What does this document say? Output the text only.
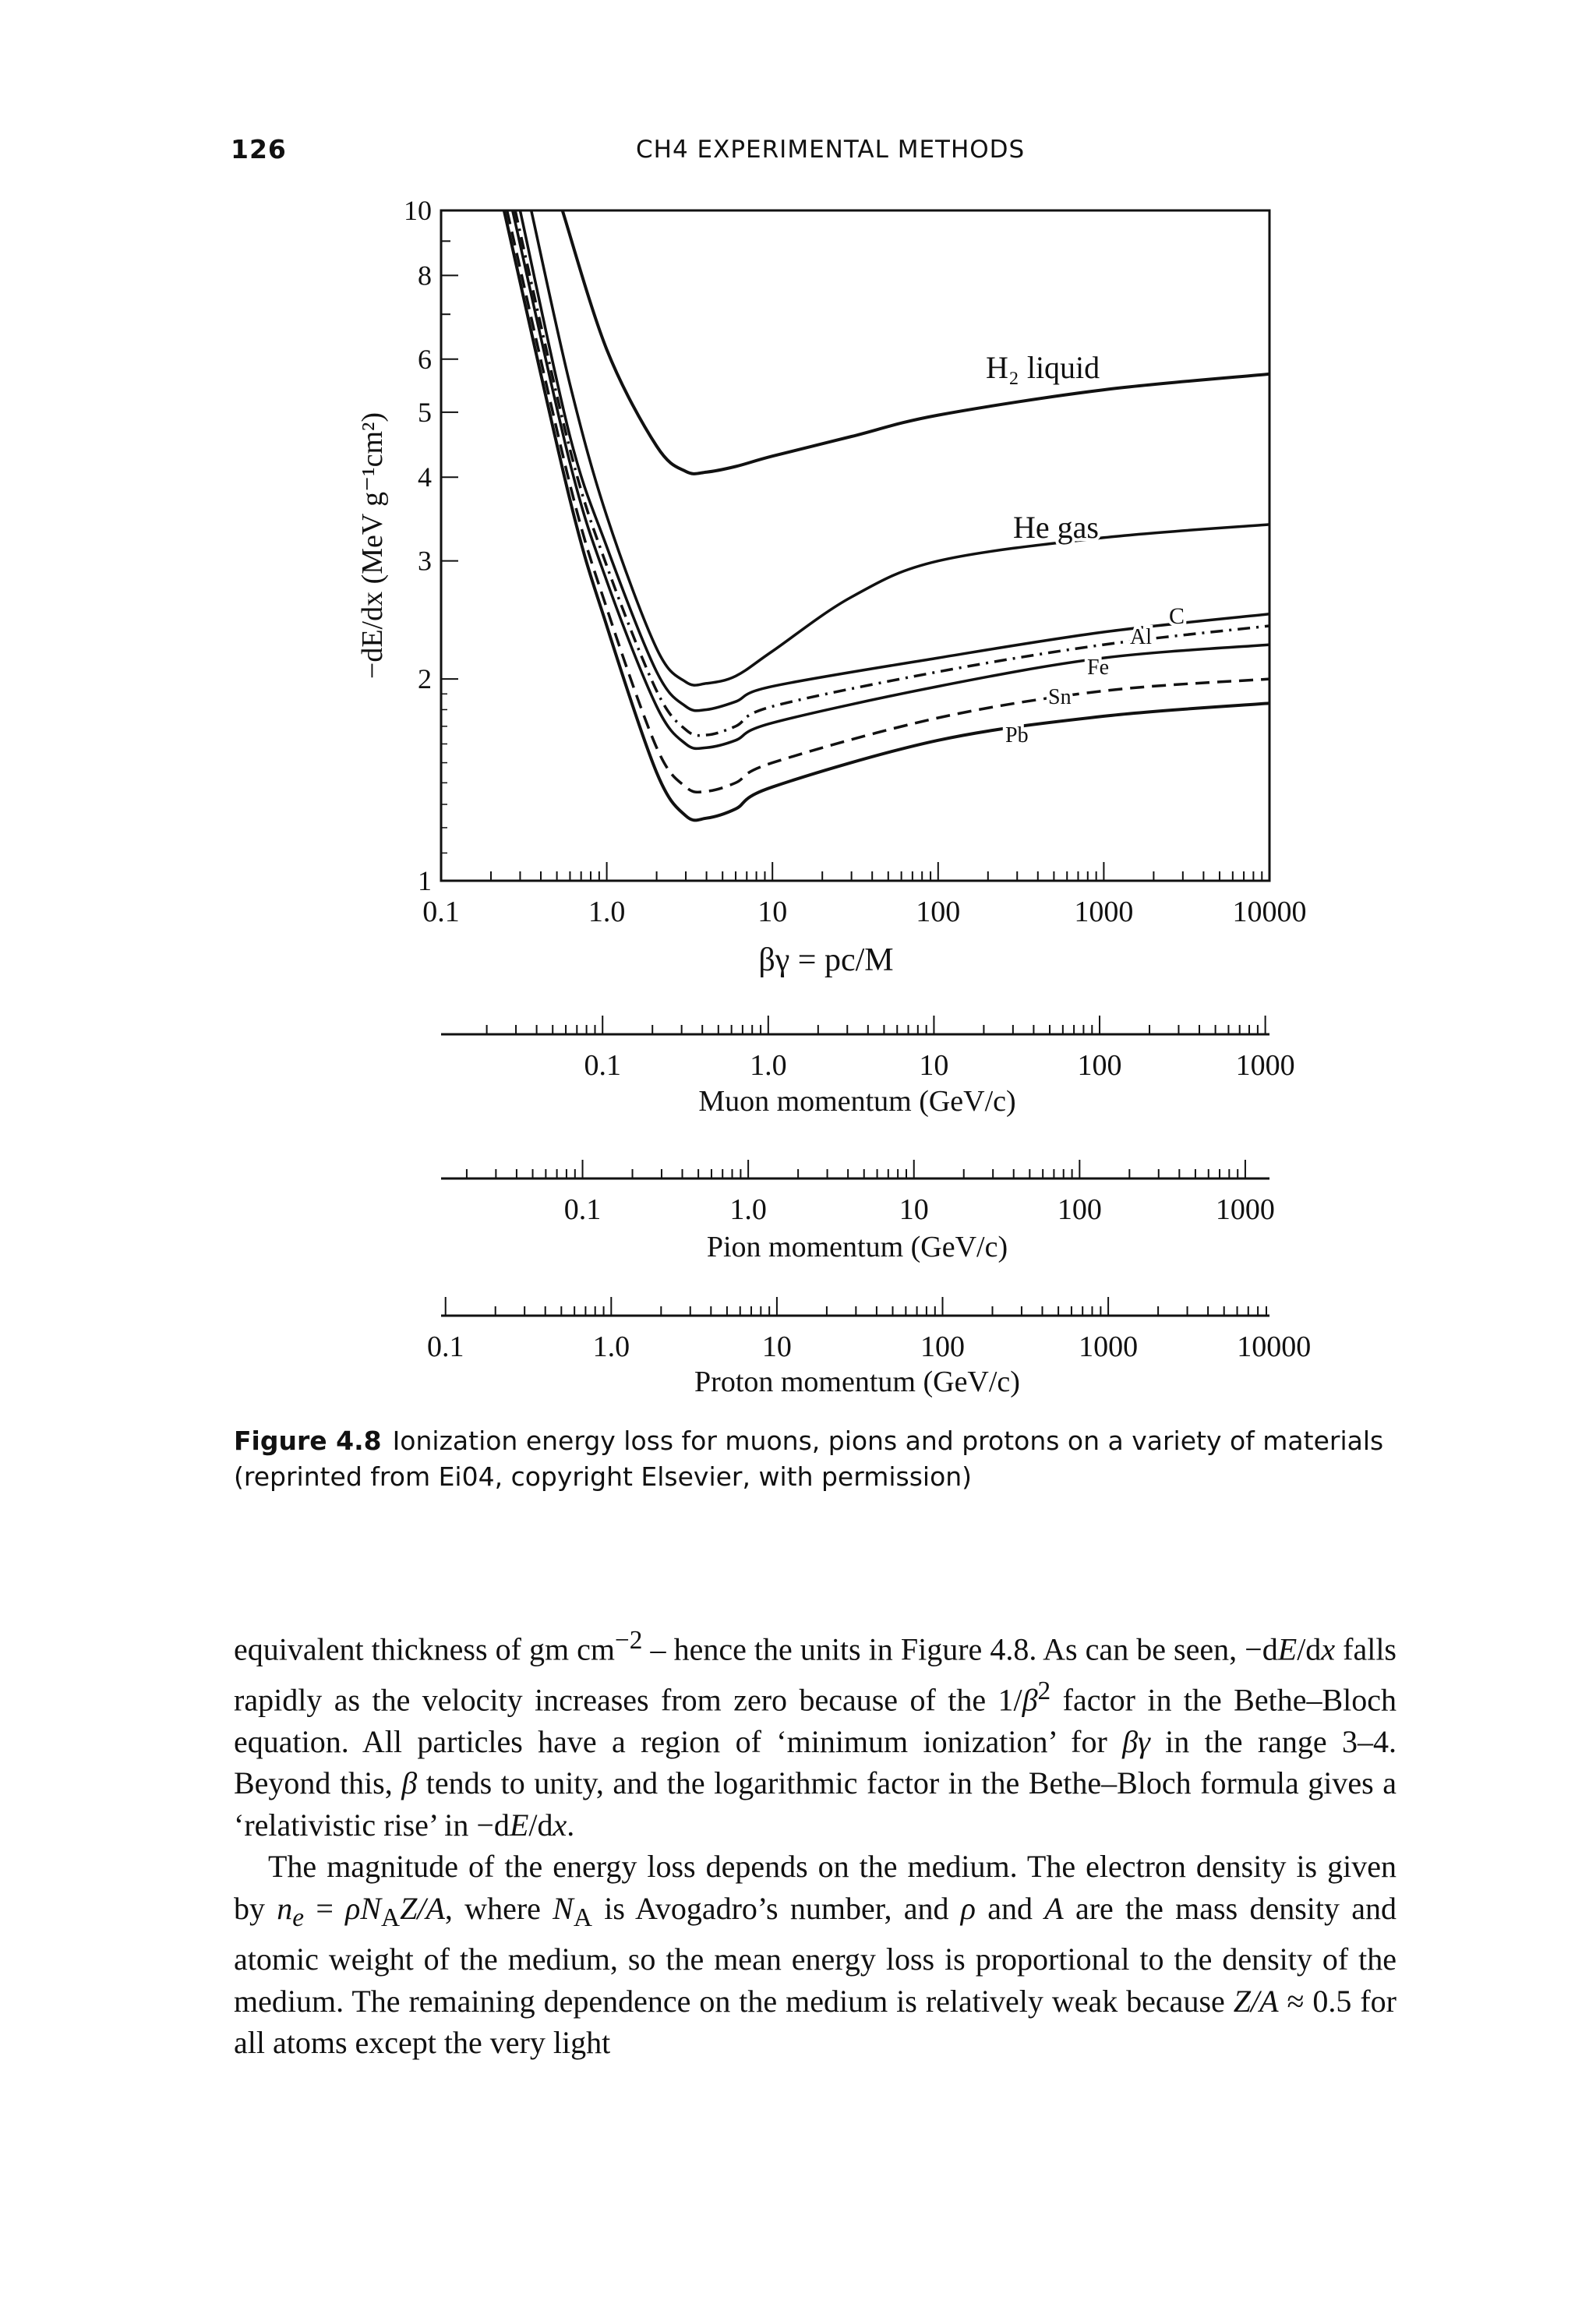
126	CH4 EXPERIMENTAL METHODS
1
2
3
4
5
6
8
10
0.1	1.0	10	100	1000	10000
H₂ liquid
He gas
C
Al
Fe
Sn
Pb
−dE/dx (MeV g⁻¹cm²)
βγ = pc/M
0.1	1.0	10	100	1000
Muon momentum (GeV/c)
0.1	1.0	10	100	1000
Pion momentum (GeV/c)
0.1	1.0	10	100	1000	10000
Proton momentum (GeV/c)
Figure 4.8 Ionization energy loss for muons, pions and protons on a variety of materials (reprinted from Ei04, copyright Elsevier, with permission)

equivalent thickness of gm $cm^{-2}$ – hence the units in Figure 4.8. As can be seen, −dE/dx falls rapidly as the velocity increases from zero because of the $1/\beta^2$ factor in the Bethe–Bloch equation. All particles have a region of ‘minimum ionization’ for βγ in the range 3–4. Beyond this, β tends to unity, and the logarithmic factor in the Bethe–Bloch formula gives a ‘relativistic rise’ in −dE/dx.

The magnitude of the energy loss depends on the medium. The electron density is given by $n_e = \rho N_AZ/A$, where $N_A$ is Avogadro’s number, and ρ and A are the mass density and atomic weight of the medium, so the mean energy loss is proportional to the density of the medium. The remaining dependence on the medium is relatively weak because Z/A ≈ 0.5 for all atoms except the very light
